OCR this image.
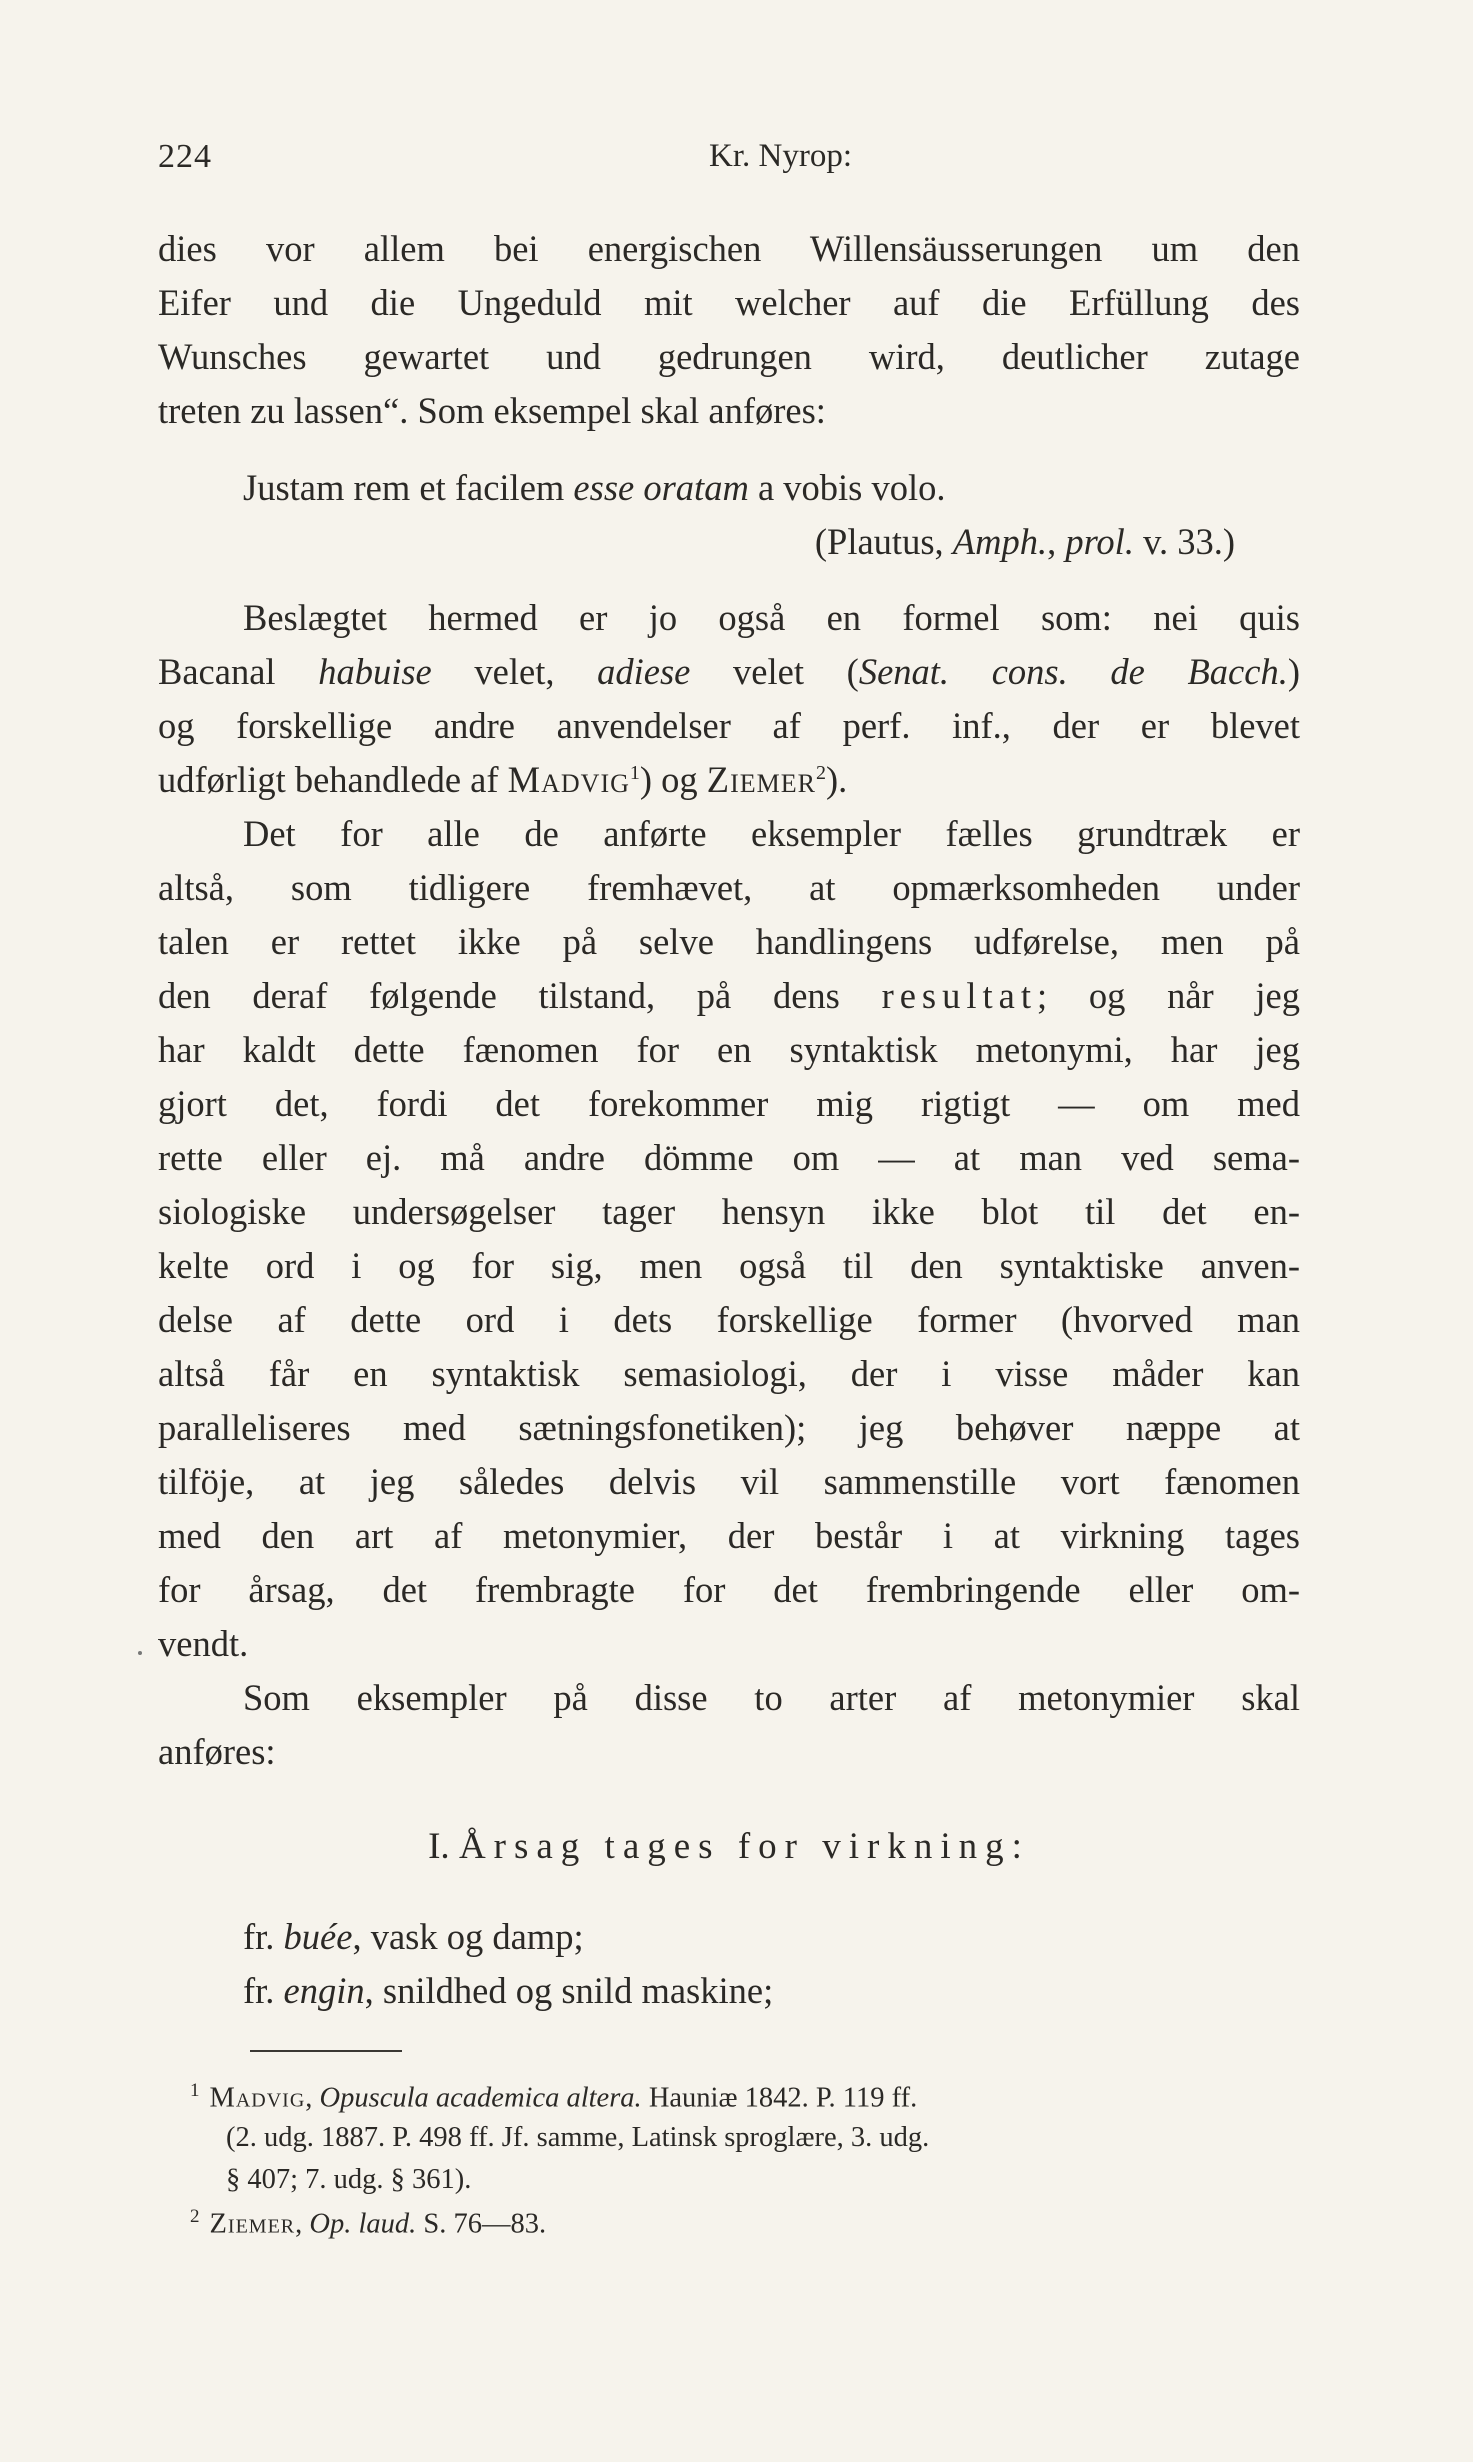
224	Kr. Nyrop:
dies vor allem bei energischen Willensäusserungen um den
Eifer und die Ungeduld mit welcher auf die Erfüllung des
Wunsches gewartet und gedrungen wird, deutlicher zutage
treten zu lassen“. Som eksempel skal anføres:
Justam rem et facilem esse oratam a vobis volo.
(Plautus, Amph., prol. v. 33.)
Beslægtet hermed er jo også en formel som: nei quis
Bacanal habuise velet, adiese velet (Senat. cons. de Bacch.)
og forskellige andre anvendelser af perf. inf., der er blevet
udførligt behandlede af Madvig$^1$) og Ziemer$^2$).
Det for alle de anførte eksempler fælles grundtræk er
altså, som tidligere fremhævet, at opmærksomheden under
talen er rettet ikke på selve handlingens udførelse, men på
den deraf følgende tilstand, på dens resultat; og når jeg
har kaldt dette fænomen for en syntaktisk metonymi, har jeg
gjort det, fordi det forekommer mig rigtigt — om med
rette eller ej. må andre dömme om — at man ved sema-
siologiske undersøgelser tager hensyn ikke blot til det en-
kelte ord i og for sig, men også til den syntaktiske anven-
delse af dette ord i dets forskellige former (hvorved man
altså får en syntaktisk semasiologi, der i visse måder kan
paralleliseres med sætningsfonetiken); jeg behøver næppe at
tilföje, at jeg således delvis vil sammenstille vort fænomen
med den art af metonymier, der består i at virkning tages
for årsag, det frembragte for det frembringende eller om-
vendt.
Som eksempler på disse to arter af metonymier skal
anføres:
I. Årsag tages for virkning:
fr. buée, vask og damp;
fr. engin, snildhed og snild maskine;
$^1$ Madvig, Opuscula academica altera. Hauniæ 1842. P. 119 ff.
(2. udg. 1887. P. 498 ff. Jf. samme, Latinsk sproglære, 3. udg.
§ 407; 7. udg. § 361).
$^2$ Ziemer, Op. laud. S. 76—83.
